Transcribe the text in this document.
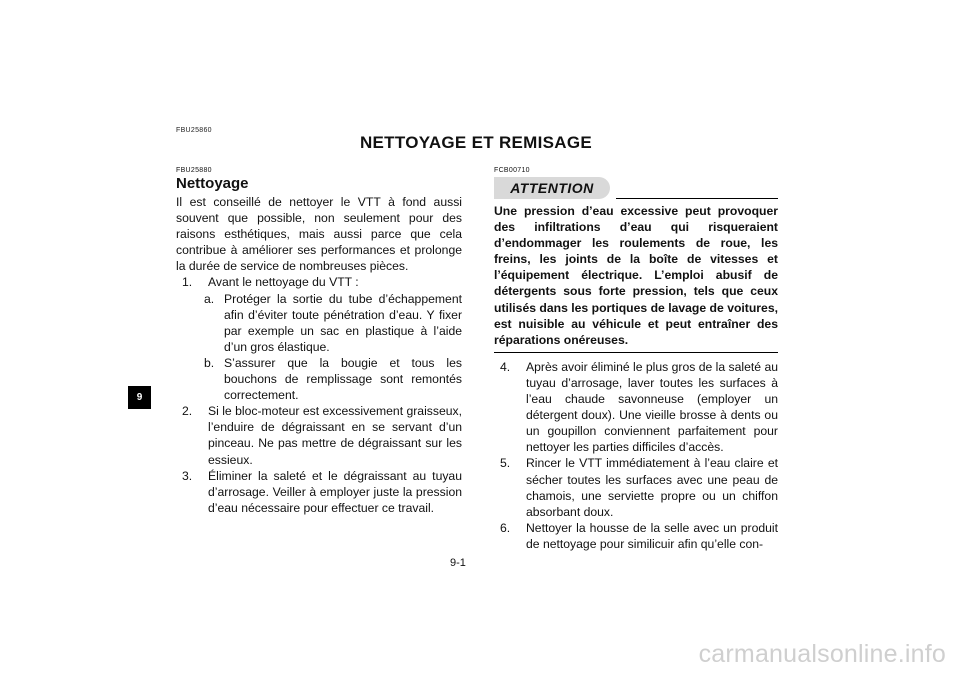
FBU25860
NETTOYAGE ET REMISAGE
9
FBU25880
Nettoyage

Il est conseillé de nettoyer le VTT à fond aussi souvent que possible, non seulement pour des raisons esthétiques, mais aussi parce que cela contribue à améliorer ses performances et prolonge la durée de service de nombreuses pièces.

1.	Avant le nettoyage du VTT :
a. Protéger la sortie du tube d’échappement afin d’éviter toute pénétration d’eau. Y fixer par exemple un sac en plastique à l’aide d’un gros élastique.
b. S’assurer que la bougie et tous les bouchons de remplissage sont remontés correctement.
2.	Si le bloc-moteur est excessivement graisseux, l’enduire de dégraissant en se servant d’un pinceau. Ne pas mettre de dégraissant sur les essieux.
3.	Éliminer la saleté et le dégraissant au tuyau d’arrosage. Veiller à employer juste la pression d’eau nécessaire pour effectuer ce travail.
FCB00710
ATTENTION
Une pression d’eau excessive peut provoquer des infiltrations d’eau qui risqueraient d’endommager les roulements de roue, les freins, les joints de la boîte de vitesses et l’équipement électrique. L’emploi abusif de détergents sous forte pression, tels que ceux utilisés dans les portiques de lavage de voitures, est nuisible au véhicule et peut entraîner des réparations onéreuses.
4.	Après avoir éliminé le plus gros de la saleté au tuyau d’arrosage, laver toutes les surfaces à l’eau chaude savonneuse (employer un détergent doux). Une vieille brosse à dents ou un goupillon conviennent parfaitement pour nettoyer les parties difficiles d’accès.
5.	Rincer le VTT immédiatement à l’eau claire et sécher toutes les surfaces avec une peau de chamois, une serviette propre ou un chiffon absorbant doux.
6.	Nettoyer la housse de la selle avec un produit de nettoyage pour similicuir afin qu’elle con-
9-1
carmanualsonline.info
